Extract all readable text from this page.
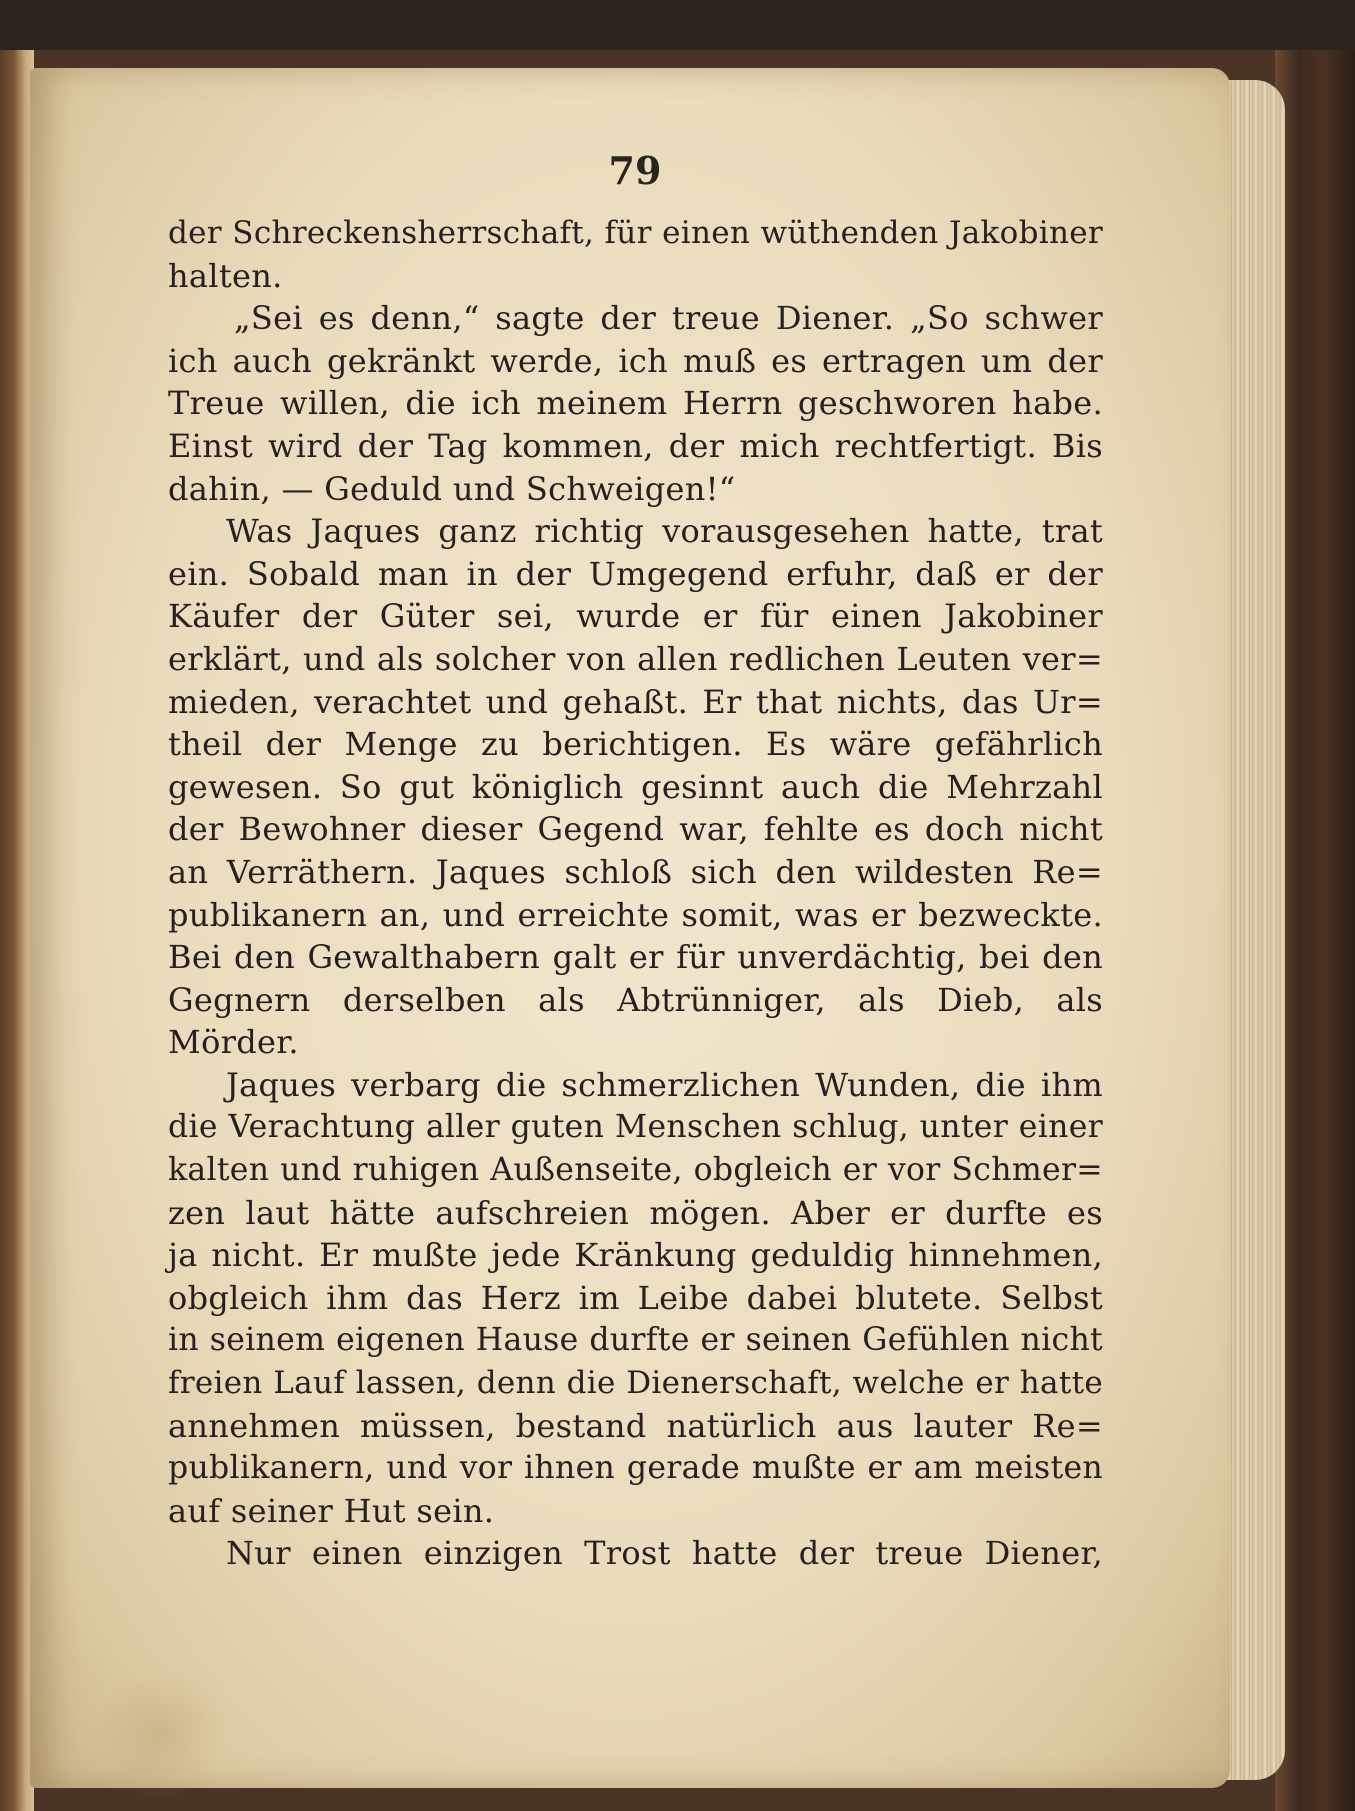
79
der Schreckensherrschaft, für einen wüthenden Jakobiner
halten.
„Sei es denn,“ sagte der treue Diener. „So schwer
ich auch gekränkt werde, ich muß es ertragen um der
Treue willen, die ich meinem Herrn geschworen habe.
Einst wird der Tag kommen, der mich rechtfertigt. Bis
dahin, — Geduld und Schweigen!“
Was Jaques ganz richtig vorausgesehen hatte, trat
ein. Sobald man in der Umgegend erfuhr, daß er der
Käufer der Güter sei, wurde er für einen Jakobiner
erklärt, und als solcher von allen redlichen Leuten ver=
mieden, verachtet und gehaßt. Er that nichts, das Ur=
theil der Menge zu berichtigen. Es wäre gefährlich
gewesen. So gut königlich gesinnt auch die Mehrzahl
der Bewohner dieser Gegend war, fehlte es doch nicht
an Verräthern. Jaques schloß sich den wildesten Re=
publikanern an, und erreichte somit, was er bezweckte.
Bei den Gewalthabern galt er für unverdächtig, bei den
Gegnern derselben als Abtrünniger, als Dieb, als
Mörder.
Jaques verbarg die schmerzlichen Wunden, die ihm
die Verachtung aller guten Menschen schlug, unter einer
kalten und ruhigen Außenseite, obgleich er vor Schmer=
zen laut hätte aufschreien mögen. Aber er durfte es
ja nicht. Er mußte jede Kränkung geduldig hinnehmen,
obgleich ihm das Herz im Leibe dabei blutete. Selbst
in seinem eigenen Hause durfte er seinen Gefühlen nicht
freien Lauf lassen, denn die Dienerschaft, welche er hatte
annehmen müssen, bestand natürlich aus lauter Re=
publikanern, und vor ihnen gerade mußte er am meisten
auf seiner Hut sein.
Nur einen einzigen Trost hatte der treue Diener,
